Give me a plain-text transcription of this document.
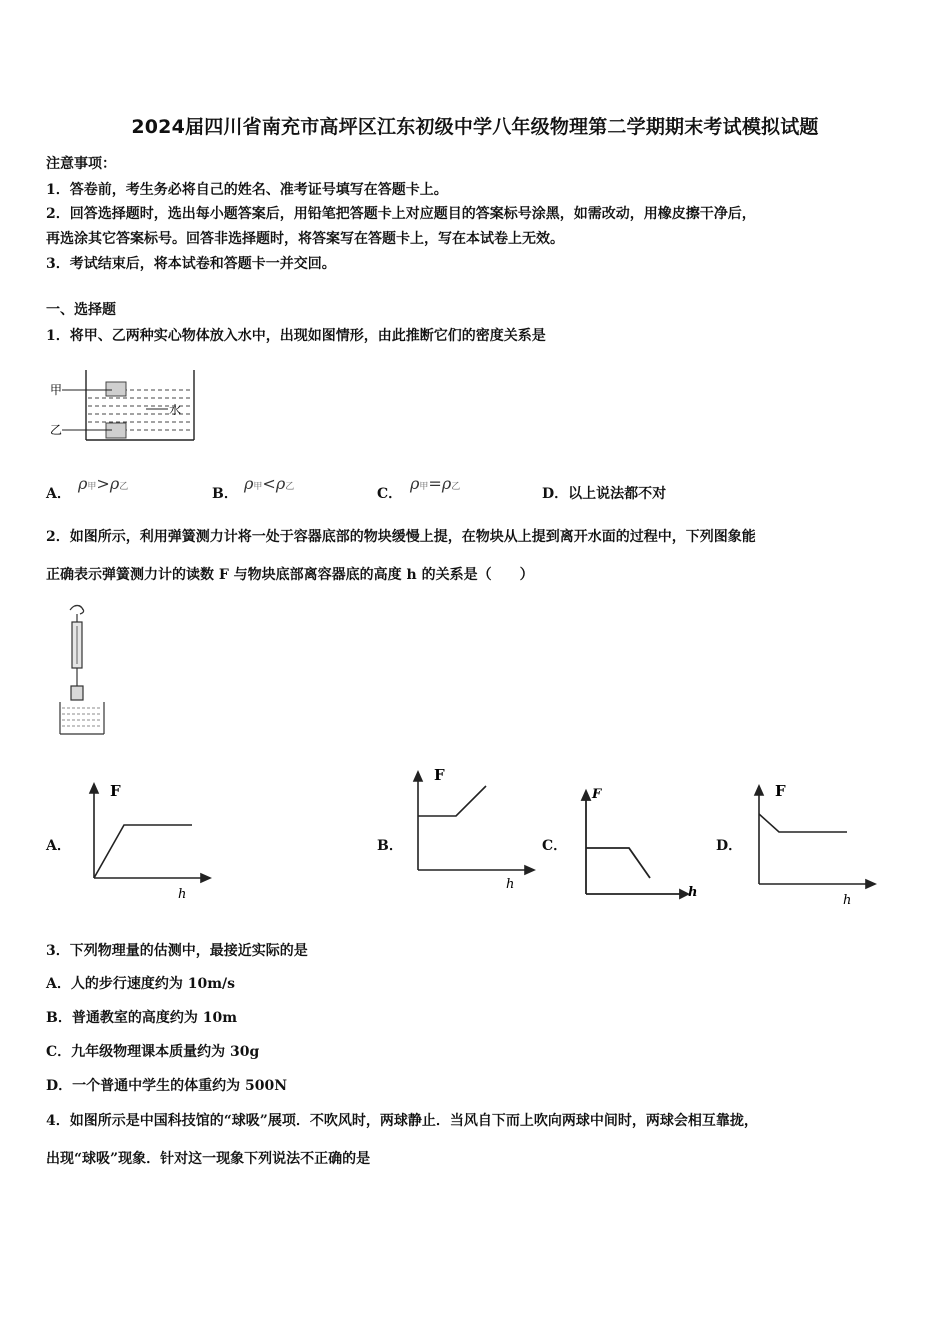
2024届四川省南充市高坪区江东初级中学八年级物理第二学期期末考试模拟试题
注意事项：
1．答卷前，考生务必将自己的姓名、准考证号填写在答题卡上。
2．回答选择题时，选出每小题答案后，用铅笔把答题卡上对应题目的答案标号涂黑，如需改动，用橡皮擦干净后，
再选涂其它答案标号。回答非选择题时，将答案写在答题卡上，写在本试卷上无效。
3．考试结束后，将本试卷和答题卡一并交回。
一、选择题
1．将甲、乙两种实心物体放入水中，出现如图情形，由此推断它们的密度关系是
甲
乙
水
A．
ρ甲>ρ乙	B．
ρ甲<ρ乙	C．
ρ甲=ρ乙	D．以上说法都不对
2．如图所示，利用弹簧测力计将一处于容器底部的物块缓慢上提，在物块从上提到离开水面的过程中，下列图象能
正确表示弹簧测力计的读数 F 与物块底部离容器底的高度 h 的关系是（　　）
A．
F
h
B．
F
h
C．
F
h
D．
F
h
3．下列物理量的估测中，最接近实际的是
A．人的步行速度约为 10m/s
B．普通教室的高度约为 10m
C．九年级物理课本质量约为 30g
D．一个普通中学生的体重约为 500N
4．如图所示是中国科技馆的“球吸”展项．不吹风时，两球静止．当风自下而上吹向两球中间时，两球会相互靠拢，
出现“球吸”现象．针对这一现象下列说法不正确的是
